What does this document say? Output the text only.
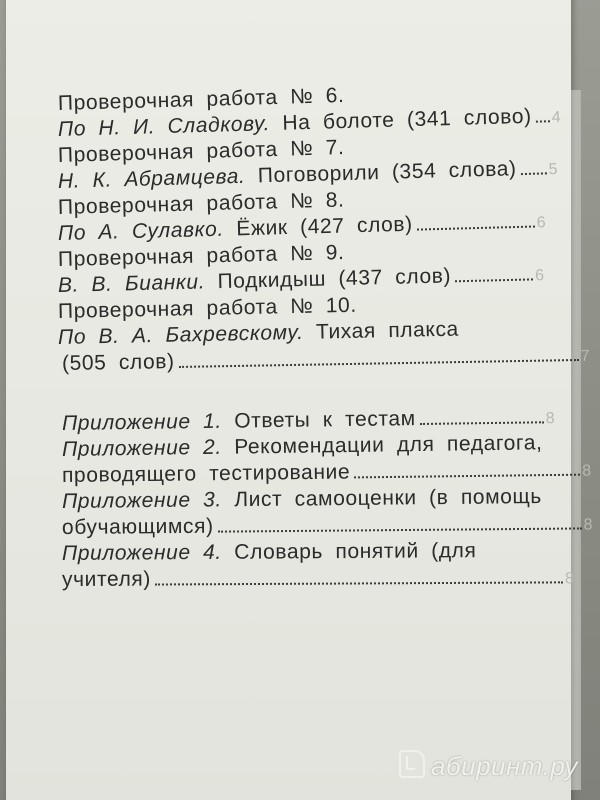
Проверочная работа № 6.
По Н. И. Сладкову. На болоте (341 слово) 4
Проверочная работа № 7.
Н. К. Абрамцева. Поговорили (354 слова) 5
Проверочная работа № 8.
По А. Сулавко. Ёжик (427 слов)	6
Проверочная работа № 9.
В. В. Бианки. Подкидыш (437 слов)	6
Проверочная работа № 10.
По В. А. Бахревскому. Тихая плакса
(505 слов)	7
Приложение 1. Ответы к тестам	8
Приложение 2. Рекомендации для педагога,
проводящего тестирование	8
Приложение 3. Лист самооценки (в помощь
обучающимся)	8
Приложение 4. Словарь понятий (для
учителя)	8
абиринт.ру
